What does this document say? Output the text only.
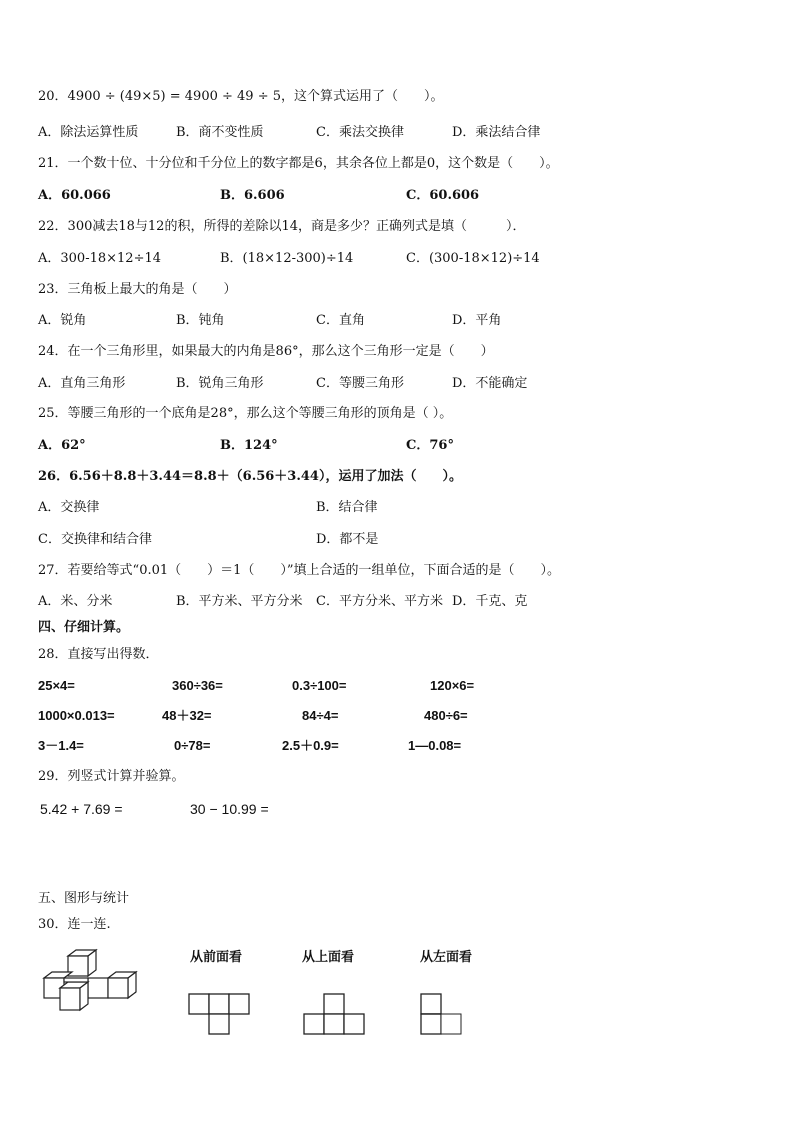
20．4900 ÷ (49×5) = 4900 ÷ 49 ÷ 5，这个算式运用了（　　）。
A．除法运算性质	B．商不变性质	C．乘法交换律	D．乘法结合律
21．一个数十位、十分位和千分位上的数字都是6，其余各位上都是0，这个数是（　　）。
A．60.066	B．6.606	C．60.606
22．300减去18与12的积，所得的差除以14，商是多少？正确列式是填（　　　）．
A．300-18×12÷14	B．(18×12-300)÷14	C．(300-18×12)÷14
23．三角板上最大的角是（　　）
A．锐角	B．钝角	C．直角	D．平角
24．在一个三角形里，如果最大的内角是86°，那么这个三角形一定是（　　）
A．直角三角形	B．锐角三角形	C．等腰三角形	D．不能确定
25．等腰三角形的一个底角是28°，那么这个等腰三角形的顶角是（ ）。
A．62°	B．124°	C．76°
26．6.56＋8.8＋3.44＝8.8＋（6.56＋3.44），运用了加法（　　）。
A．交换律	B．结合律
C．交换律和结合律	D．都不是
27．若要给等式“0.01（　　）＝1（　　）”填上合适的一组单位，下面合适的是（　　）。
A．米、分米	B．平方米、平方分米 C．平方分米、平方米 D．千克、克
四、仔细计算。
28．直接写出得数．
25×4=	360÷36=	0.3÷100=	120×6=
1000×0.013=	48＋32=	84÷4=	480÷6=
3－1.4=	0÷78=	2.5＋0.9=	1—0.08=
29．列竖式计算并验算。
5.42 + 7.69 =	30 − 10.99 =
五、图形与统计
30．连一连.
从前面看	从上面看	从左面看
